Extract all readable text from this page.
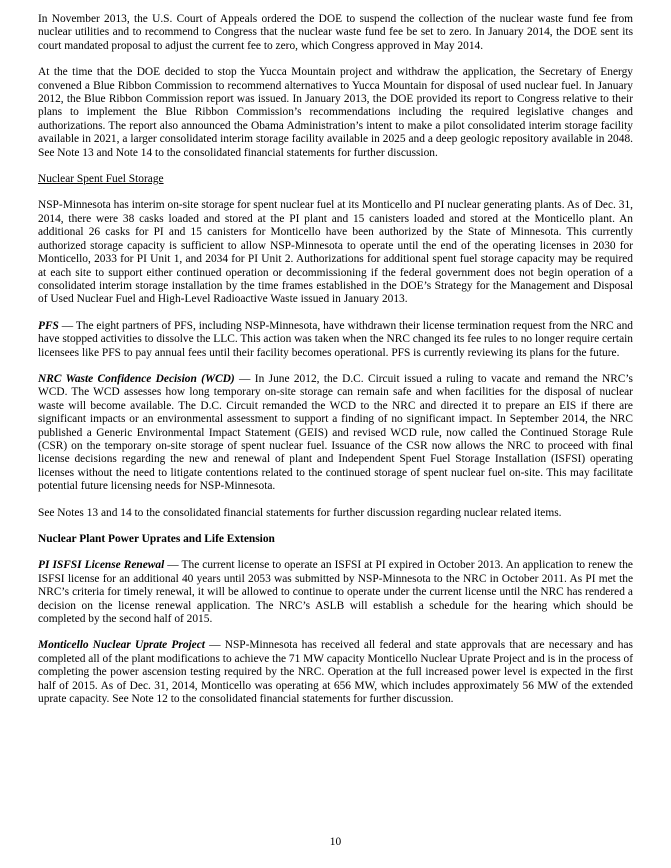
In November 2013, the U.S. Court of Appeals ordered the DOE to suspend the collection of the nuclear waste fund fee from nuclear utilities and to recommend to Congress that the nuclear waste fund fee be set to zero. In January 2014, the DOE sent its court mandated proposal to adjust the current fee to zero, which Congress approved in May 2014.

At the time that the DOE decided to stop the Yucca Mountain project and withdraw the application, the Secretary of Energy convened a Blue Ribbon Commission to recommend alternatives to Yucca Mountain for disposal of used nuclear fuel. In January 2012, the Blue Ribbon Commission report was issued. In January 2013, the DOE provided its report to Congress relative to their plans to implement the Blue Ribbon Commission’s recommendations including the required legislative changes and authorizations. The report also announced the Obama Administration’s intent to make a pilot consolidated interim storage facility available in 2021, a larger consolidated interim storage facility available in 2025 and a deep geologic repository available in 2048. See Note 13 and Note 14 to the consolidated financial statements for further discussion.

Nuclear Spent Fuel Storage

NSP-Minnesota has interim on-site storage for spent nuclear fuel at its Monticello and PI nuclear generating plants. As of Dec. 31, 2014, there were 38 casks loaded and stored at the PI plant and 15 canisters loaded and stored at the Monticello plant. An additional 26 casks for PI and 15 canisters for Monticello have been authorized by the State of Minnesota. This currently authorized storage capacity is sufficient to allow NSP-Minnesota to operate until the end of the operating licenses in 2030 for Monticello, 2033 for PI Unit 1, and 2034 for PI Unit 2. Authorizations for additional spent fuel storage capacity may be required at each site to support either continued operation or decommissioning if the federal government does not begin operation of a consolidated interim storage installation by the time frames established in the DOE’s Strategy for the Management and Disposal of Used Nuclear Fuel and High-Level Radioactive Waste issued in January 2013.

PFS — The eight partners of PFS, including NSP-Minnesota, have withdrawn their license termination request from the NRC and have stopped activities to dissolve the LLC. This action was taken when the NRC changed its fee rules to no longer require certain licensees like PFS to pay annual fees until their facility becomes operational. PFS is currently reviewing its plans for the future.

NRC Waste Confidence Decision (WCD) — In June 2012, the D.C. Circuit issued a ruling to vacate and remand the NRC’s WCD. The WCD assesses how long temporary on-site storage can remain safe and when facilities for the disposal of nuclear waste will become available. The D.C. Circuit remanded the WCD to the NRC and directed it to prepare an EIS if there are significant impacts or an environmental assessment to support a finding of no significant impact. In September 2014, the NRC published a Generic Environmental Impact Statement (GEIS) and revised WCD rule, now called the Continued Storage Rule (CSR) on the temporary on-site storage of spent nuclear fuel. Issuance of the CSR now allows the NRC to proceed with final license decisions regarding the new and renewal of plant and Independent Spent Fuel Storage Installation (ISFSI) operating licenses without the need to litigate contentions related to the continued storage of spent nuclear fuel on-site. This may facilitate potential future licensing needs for NSP-Minnesota.

See Notes 13 and 14 to the consolidated financial statements for further discussion regarding nuclear related items.

Nuclear Plant Power Uprates and Life Extension

PI ISFSI License Renewal — The current license to operate an ISFSI at PI expired in October 2013. An application to renew the ISFSI license for an additional 40 years until 2053 was submitted by NSP-Minnesota to the NRC in October 2011. As PI met the NRC’s criteria for timely renewal, it will be allowed to continue to operate under the current license until the NRC has rendered a decision on the license renewal application. The NRC’s ASLB will establish a schedule for the hearing which should be completed by the second half of 2015.

Monticello Nuclear Uprate Project — NSP-Minnesota has received all federal and state approvals that are necessary and has completed all of the plant modifications to achieve the 71 MW capacity Monticello Nuclear Uprate Project and is in the process of completing the power ascension testing required by the NRC. Operation at the full increased power level is expected in the first half of 2015. As of Dec. 31, 2014, Monticello was operating at 656 MW, which includes approximately 56 MW of the extended uprate capacity. See Note 12 to the consolidated financial statements for further discussion.

10
